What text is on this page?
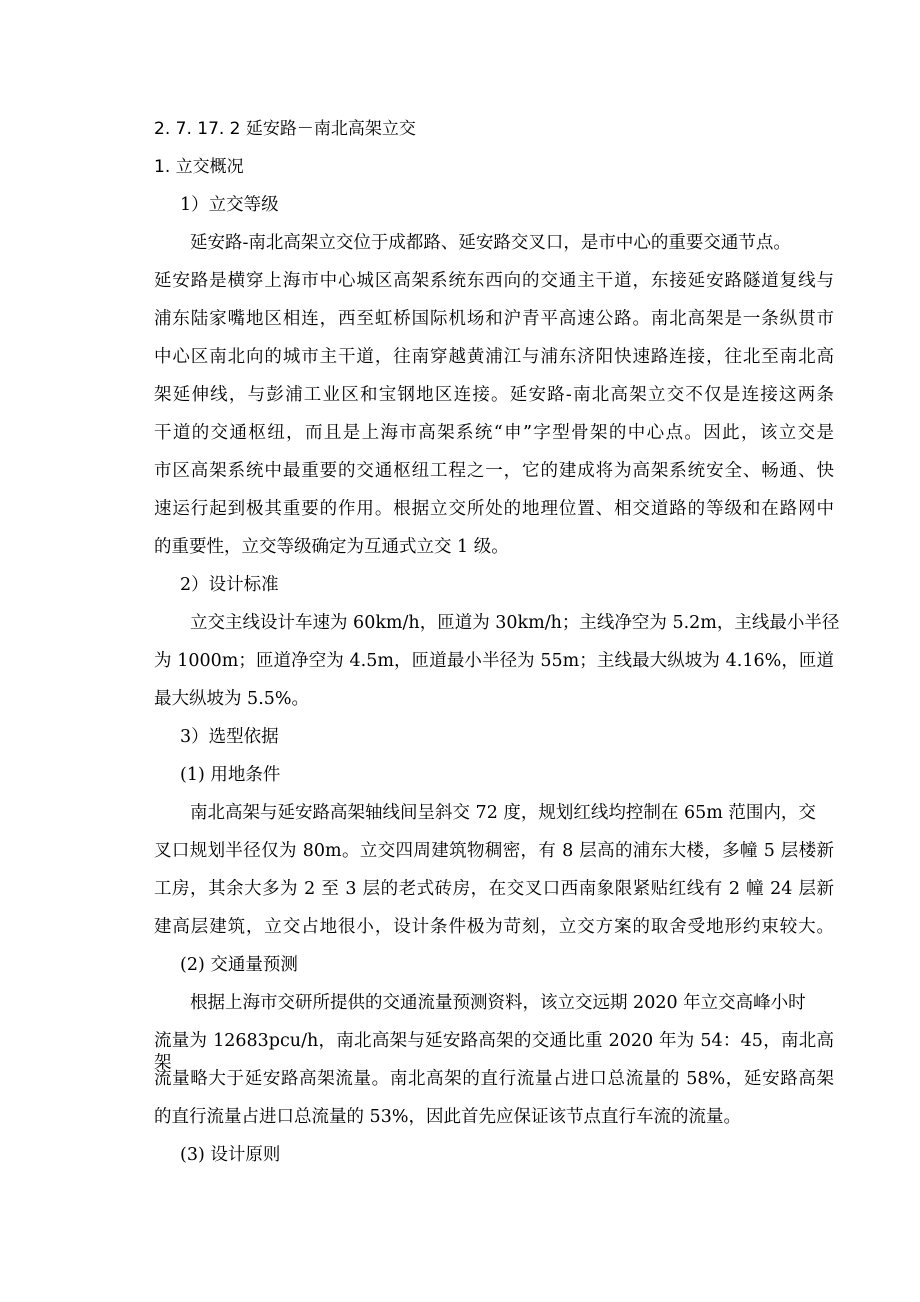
2. 7. 17. 2 延安路－南北高架立交
1. 立交概况
1）立交等级
延安路-南北高架立交位于成都路、延安路交叉口，是市中心的重要交通节点。
延安路是横穿上海市中心城区高架系统东西向的交通主干道，东接延安路隧道复线与
浦东陆家嘴地区相连，西至虹桥国际机场和沪青平高速公路。南北高架是一条纵贯市
中心区南北向的城市主干道，往南穿越黄浦江与浦东济阳快速路连接，往北至南北高
架延伸线，与彭浦工业区和宝钢地区连接。延安路-南北高架立交不仅是连接这两条
干道的交通枢纽，而且是上海市高架系统“申”字型骨架的中心点。因此，该立交是
市区高架系统中最重要的交通枢纽工程之一，它的建成将为高架系统安全、畅通、快
速运行起到极其重要的作用。根据立交所处的地理位置、相交道路的等级和在路网中
的重要性，立交等级确定为互通式立交 1 级。
2）设计标准
立交主线设计车速为 60km/h，匝道为 30km/h；主线净空为 5.2m，主线最小半径
为 1000m；匝道净空为 4.5m，匝道最小半径为 55m；主线最大纵坡为 4.16%，匝道
最大纵坡为 5.5%。
3）选型依据
(1) 用地条件
南北高架与延安路高架轴线间呈斜交 72 度，规划红线均控制在 65m 范围内，交
叉口规划半径仅为 80m。立交四周建筑物稠密，有 8 层高的浦东大楼，多幢 5 层楼新
工房，其余大多为 2 至 3 层的老式砖房，在交叉口西南象限紧贴红线有 2 幢 24 层新
建高层建筑，立交占地很小，设计条件极为苛刻，立交方案的取舍受地形约束较大。
(2) 交通量预测
根据上海市交研所提供的交通流量预测资料，该立交远期 2020 年立交高峰小时
流量为 12683pcu/h，南北高架与延安路高架的交通比重 2020 年为 54：45，南北高架
流量略大于延安路高架流量。南北高架的直行流量占进口总流量的 58%，延安路高架
的直行流量占进口总流量的 53%，因此首先应保证该节点直行车流的流量。
(3) 设计原则
